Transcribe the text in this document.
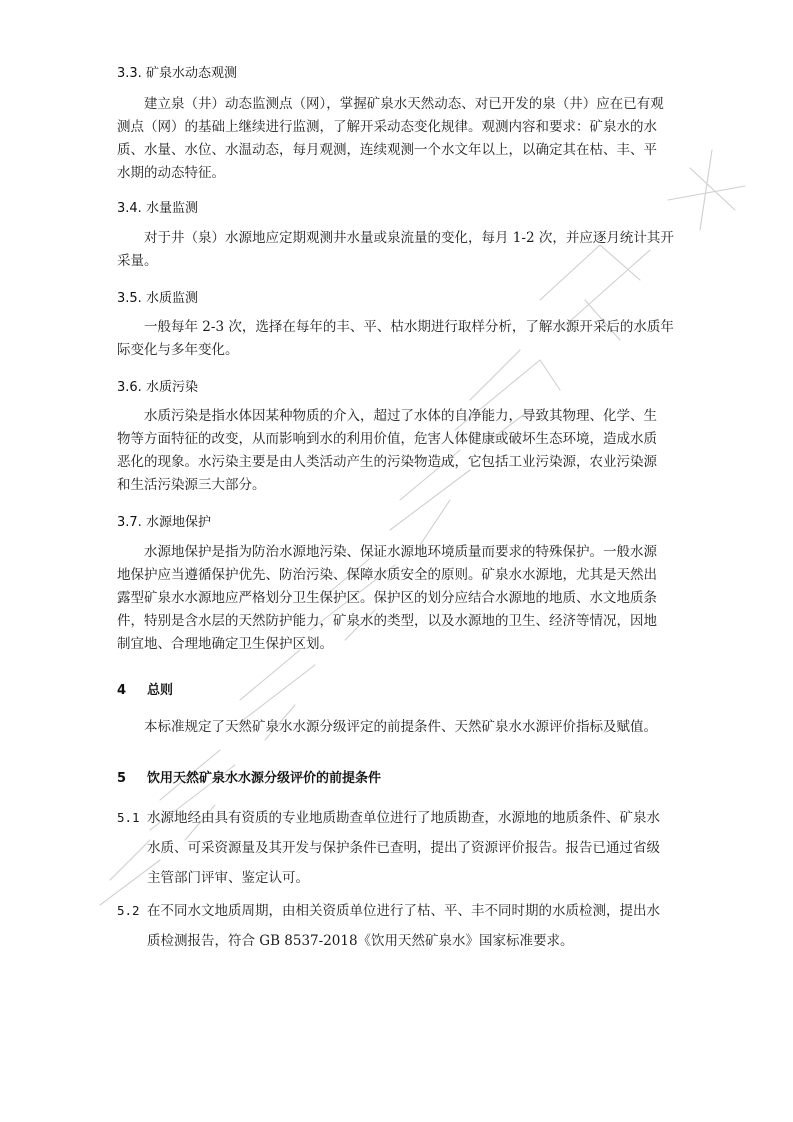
3.3. 矿泉水动态观测
建立泉（井）动态监测点（网），掌握矿泉水天然动态、对已开发的泉（井）应在已有观
测点（网）的基础上继续进行监测，了解开采动态变化规律。观测内容和要求：矿泉水的水
质、水量、水位、水温动态，每月观测，连续观测一个水文年以上，以确定其在枯、丰、平
水期的动态特征。
3.4. 水量监测
对于井（泉）水源地应定期观测井水量或泉流量的变化，每月 1-2 次，并应逐月统计其开
采量。
3.5. 水质监测
一般每年 2-3 次，选择在每年的丰、平、枯水期进行取样分析，了解水源开采后的水质年
际变化与多年变化。
3.6. 水质污染
水质污染是指水体因某种物质的介入，超过了水体的自净能力，导致其物理、化学、生
物等方面特征的改变，从而影响到水的利用价值，危害人体健康或破坏生态环境，造成水质
恶化的现象。水污染主要是由人类活动产生的污染物造成，它包括工业污染源，农业污染源
和生活污染源三大部分。
3.7. 水源地保护
水源地保护是指为防治水源地污染、保证水源地环境质量而要求的特殊保护。一般水源
地保护应当遵循保护优先、防治污染、保障水质安全的原则。矿泉水水源地，尤其是天然出
露型矿泉水水源地应严格划分卫生保护区。保护区的划分应结合水源地的地质、水文地质条
件，特别是含水层的天然防护能力，矿泉水的类型，以及水源地的卫生、经济等情况，因地
制宜地、合理地确定卫生保护区划。
4 总则
本标准规定了天然矿泉水水源分级评定的前提条件、天然矿泉水水源评价指标及赋值。
5 饮用天然矿泉水水源分级评价的前提条件
5.1 水源地经由具有资质的专业地质勘查单位进行了地质勘查，水源地的地质条件、矿泉水
水质、可采资源量及其开发与保护条件已查明，提出了资源评价报告。报告已通过省级
主管部门评审、鉴定认可。
5.2 在不同水文地质周期，由相关资质单位进行了枯、平、丰不同时期的水质检测，提出水
质检测报告，符合 GB 8537-2018《饮用天然矿泉水》国家标准要求。
